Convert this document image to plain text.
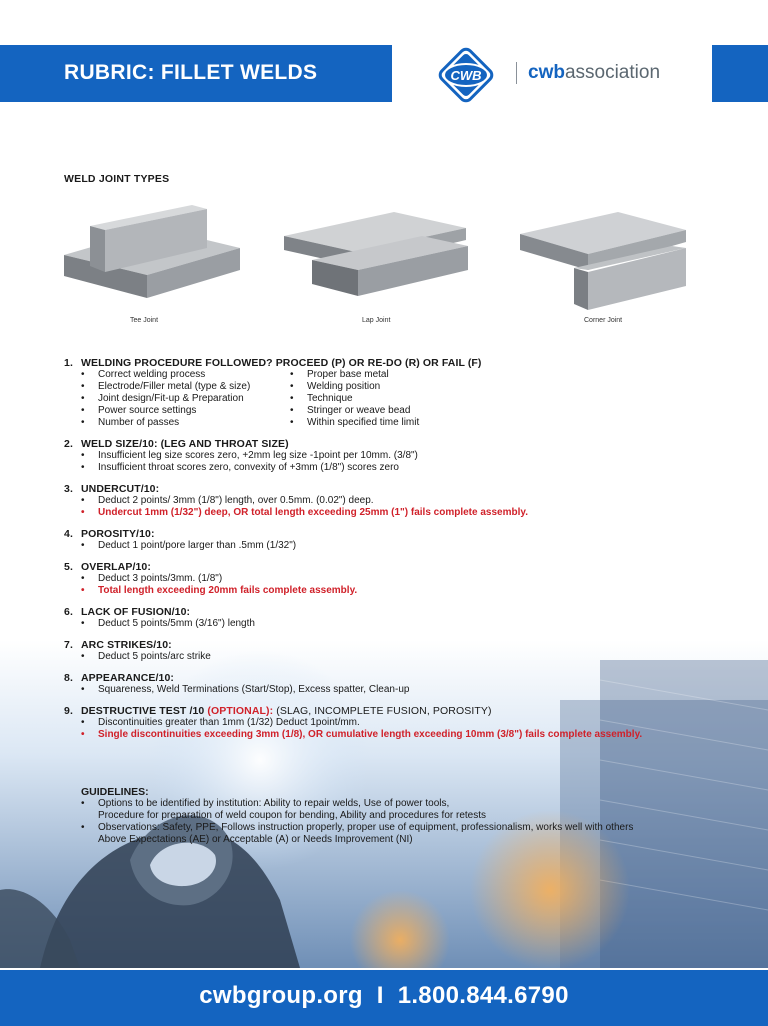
RUBRIC: FILLET WELDS	CWB cwbassociation
WELD JOINT TYPES
Tee Joint	Lap Joint	Corner Joint
1. WELDING PROCEDURE FOLLOWED? PROCEED (P) OR RE-DO (R) OR FAIL (F)
• Correct welding process
• Electrode/Filler metal (type & size)
• Joint design/Fit-up & Preparation
• Power source settings
• Number of passes
• Proper base metal
• Welding position
• Technique
• Stringer or weave bead
• Within specified time limit
2. WELD SIZE/10: (LEG AND THROAT SIZE)
• Insufficient leg size scores zero, +2mm leg size -1point per 10mm. (3/8")
• Insufficient throat scores zero, convexity of +3mm (1/8") scores zero
3. UNDERCUT/10:
• Deduct 2 points/ 3mm (1/8") length, over 0.5mm. (0.02") deep.
• Undercut 1mm (1/32") deep, OR total length exceeding 25mm (1") fails complete assembly.
4. POROSITY/10:
• Deduct 1 point/pore larger than .5mm (1/32")
5. OVERLAP/10:
• Deduct 3 points/3mm. (1/8")
• Total length exceeding 20mm fails complete assembly.
6. LACK OF FUSION/10:
• Deduct 5 points/5mm (3/16") length
7. ARC STRIKES/10:
• Deduct 5 points/arc strike
8. APPEARANCE/10:
• Squareness, Weld Terminations (Start/Stop), Excess spatter, Clean-up
9. DESTRUCTIVE TEST /10 (OPTIONAL): (SLAG, INCOMPLETE FUSION, POROSITY)
• Discontinuities greater than 1mm (1/32) Deduct 1point/mm.
• Single discontinuities exceeding 3mm (1/8), OR cumulative length exceeding 10mm (3/8") fails complete assembly.
GUIDELINES:
• Options to be identified by institution: Ability to repair welds, Use of power tools,
Procedure for preparation of weld coupon for bending, Ability and procedures for retests
• Observations: Safety, PPE, Follows instruction properly, proper use of equipment, professionalism, works well with others
Above Expectations (AE) or Acceptable (A) or Needs Improvement (NI)
cwbgroup.org  I  1.800.844.6790
